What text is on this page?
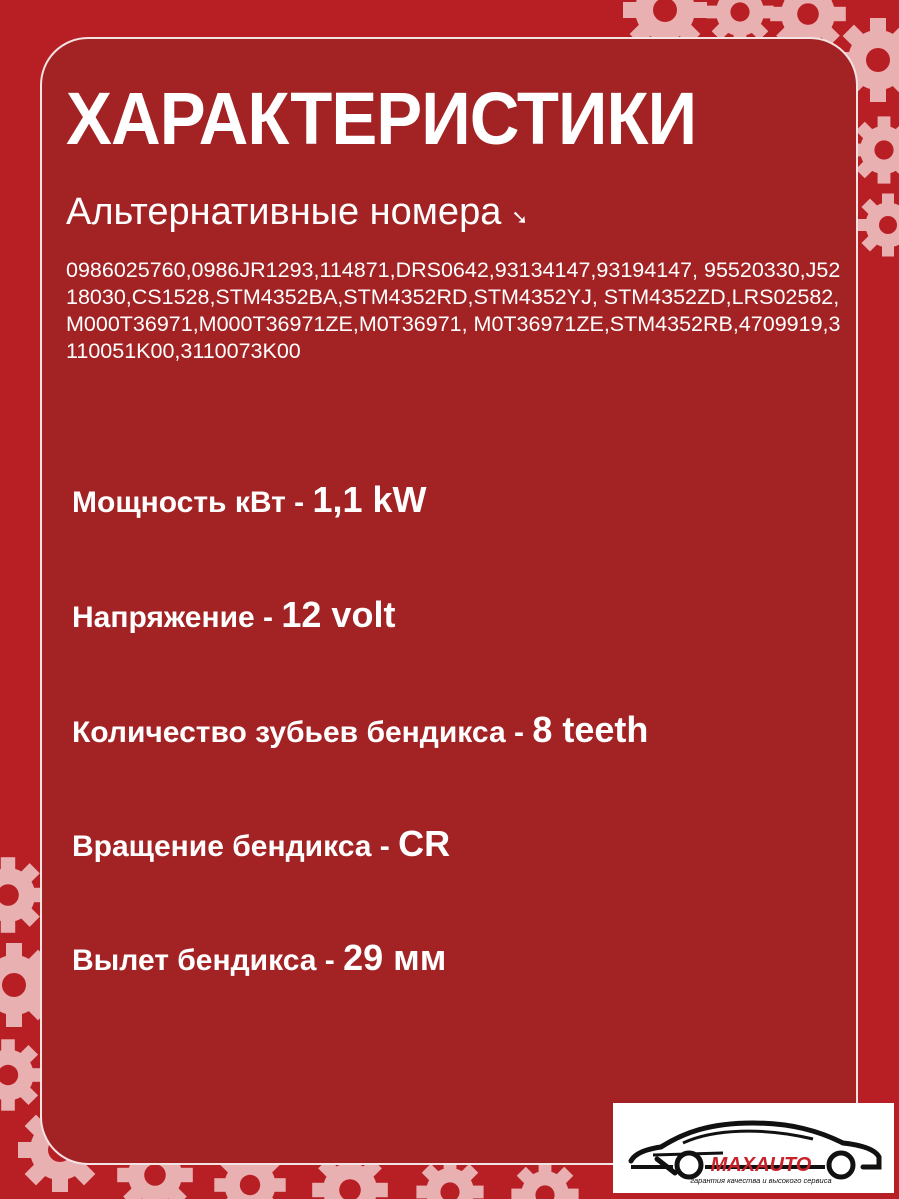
ХАРАКТЕРИСТИКИ

Альтернативные номера ➘

0986025760,0986JR1293,114871,DRS0642,93134147,93194147, 95520330,J5218030,CS1528,STM4352BA,STM4352RD,STM4352YJ, STM4352ZD,LRS02582,M000T36971,M000T36971ZE,M0T36971, M0T36971ZE,STM4352RB,4709919,3110051K00,3110073K00

Мощность кВт - 1,1 kW

Напряжение - 12 volt

Количество зубьев бендикса - 8 teeth

Вращение бендикса - CR

Вылет бендикса - 29 мм

MAXAUTO
гарантия качества и высокого сервиса
